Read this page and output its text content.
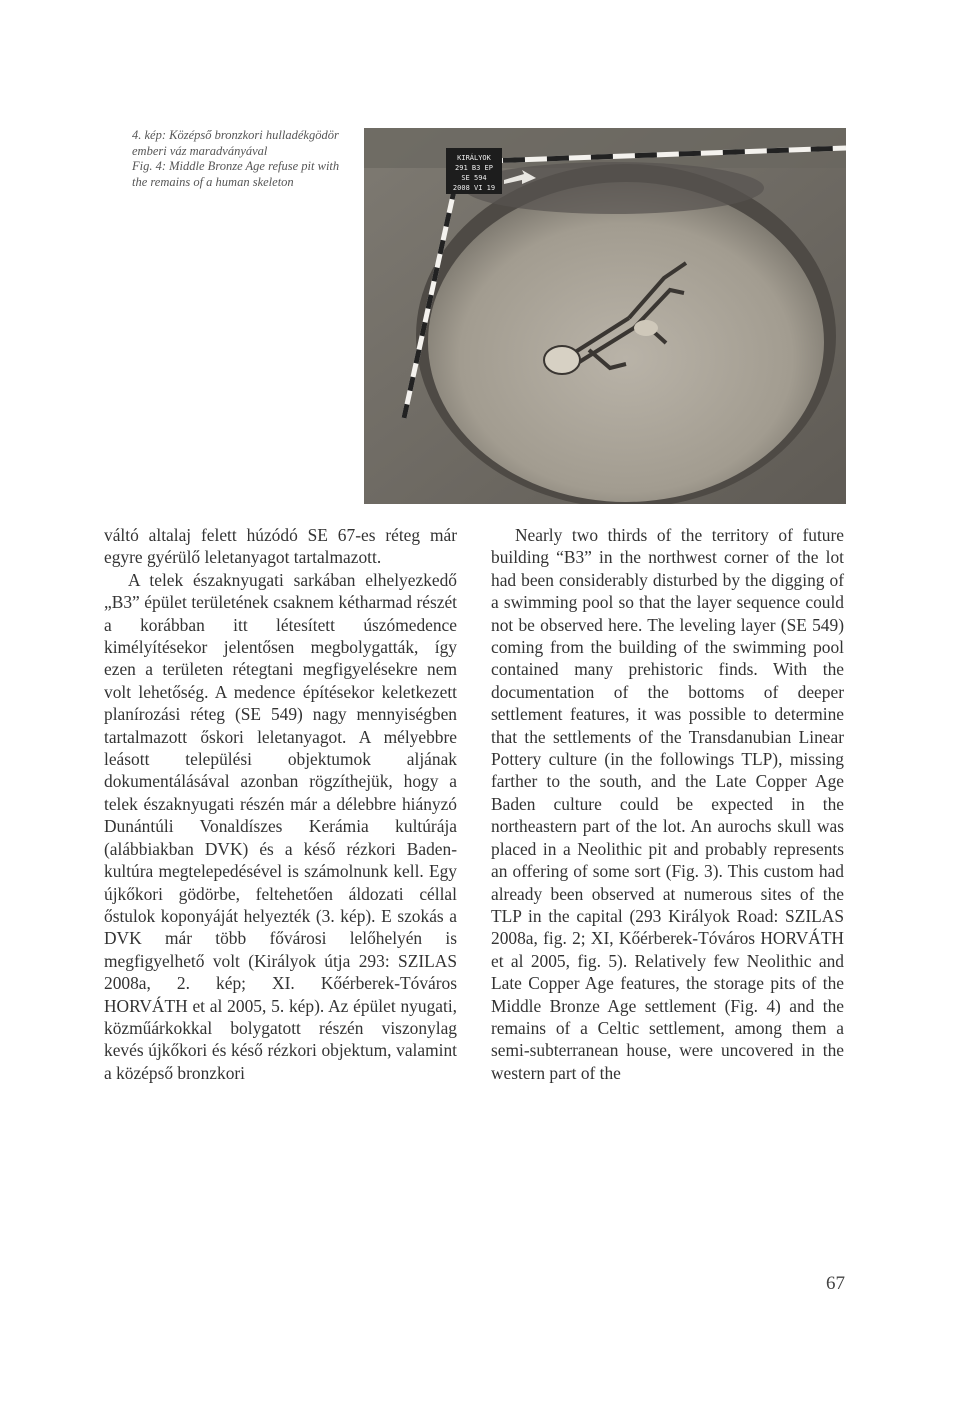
4. kép: Középső bronzkori hulladékgödör emberi váz maradványával

Fig. 4: Middle Bronze Age refuse pit with the remains of a human skeleton

KIRÁLYOK
291 B3 EP
SE 594
2008 VI 19

váltó altalaj felett húzódó SE 67-es réteg már egyre gyérülő leletanyagot tartalmazott.

A telek északnyugati sarkában elhelyezkedő „B3” épület területének csaknem kétharmad részét a korábban itt létesített úszómedence kimélyítésekor jelentősen megbolygatták, így ezen a területen rétegtani megfigyelésekre nem volt lehetőség. A medence építésekor keletkezett planírozási réteg (SE 549) nagy mennyiségben tartalmazott őskori leletanyagot. A mélyebbre leásott települési objektumok aljának dokumentálásával azonban rögzíthejük, hogy a telek északnyugati részén már a délebbre hiányzó Dunántúli Vonaldíszes Kerámia kultúrája (alábbiakban DVK) és a késő rézkori Baden-kultúra megtelepedésével is számolnunk kell. Egy újkőkori gödörbe, feltehetően áldozati céllal őstulok koponyáját helyezték (3. kép). E szokás a DVK már több fővárosi lelőhelyén is megfigyelhető volt (Királyok útja 293: SZILAS 2008a, 2. kép; XI. Kőérberek-Tóváros HORVÁTH et al 2005, 5. kép). Az épület nyugati, közműárkokkal bolygatott részén viszonylag kevés újkőkori és késő rézkori objektum, valamint a középső bronzkori

Nearly two thirds of the territory of future building “B3” in the northwest corner of the lot had been considerably disturbed by the digging of a swimming pool so that the layer sequence could not be observed here. The leveling layer (SE 549) coming from the building of the swimming pool contained many prehistoric finds. With the documentation of the bottoms of deeper settlement features, it was possible to determine that the settlements of the Transdanubian Linear Pottery culture (in the followings TLP), missing farther to the south, and the Late Copper Age Baden culture could be expected in the northeastern part of the lot. An aurochs skull was placed in a Neolithic pit and probably represents an offering of some sort (Fig. 3). This custom had already been observed at numerous sites of the TLP in the capital (293 Királyok Road: SZILAS 2008a, fig. 2; XI, Kőérberek-Tóváros HORVÁTH et al 2005, fig. 5). Relatively few Neolithic and Late Copper Age features, the storage pits of the Middle Bronze Age settlement (Fig. 4) and the remains of a Celtic settlement, among them a semi-subterranean house, were uncovered in the western part of the

67
